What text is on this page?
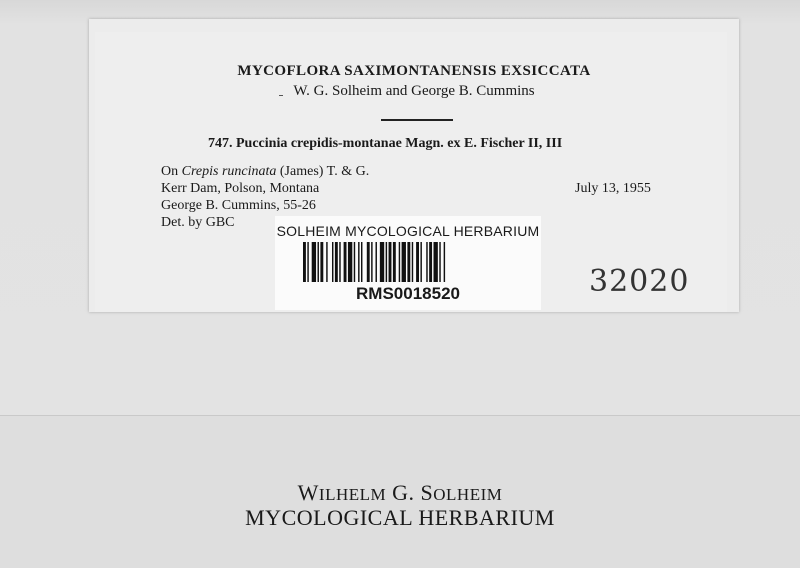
MYCOFLORA SAXIMONTANENSIS EXSICCATA
W. G. Solheim and George B. Cummins
747. Puccinia crepidis-montanae Magn. ex E. Fischer II, III
On Crepis runcinata (James) T. & G.
Kerr Dam, Polson, Montana	July 13, 1955
George B. Cummins, 55-26
Det. by GBC
SOLHEIM MYCOLOGICAL HERBARIUM
RMS0018520	32020
WILHELM G. SOLHEIM
MYCOLOGICAL HERBARIUM
